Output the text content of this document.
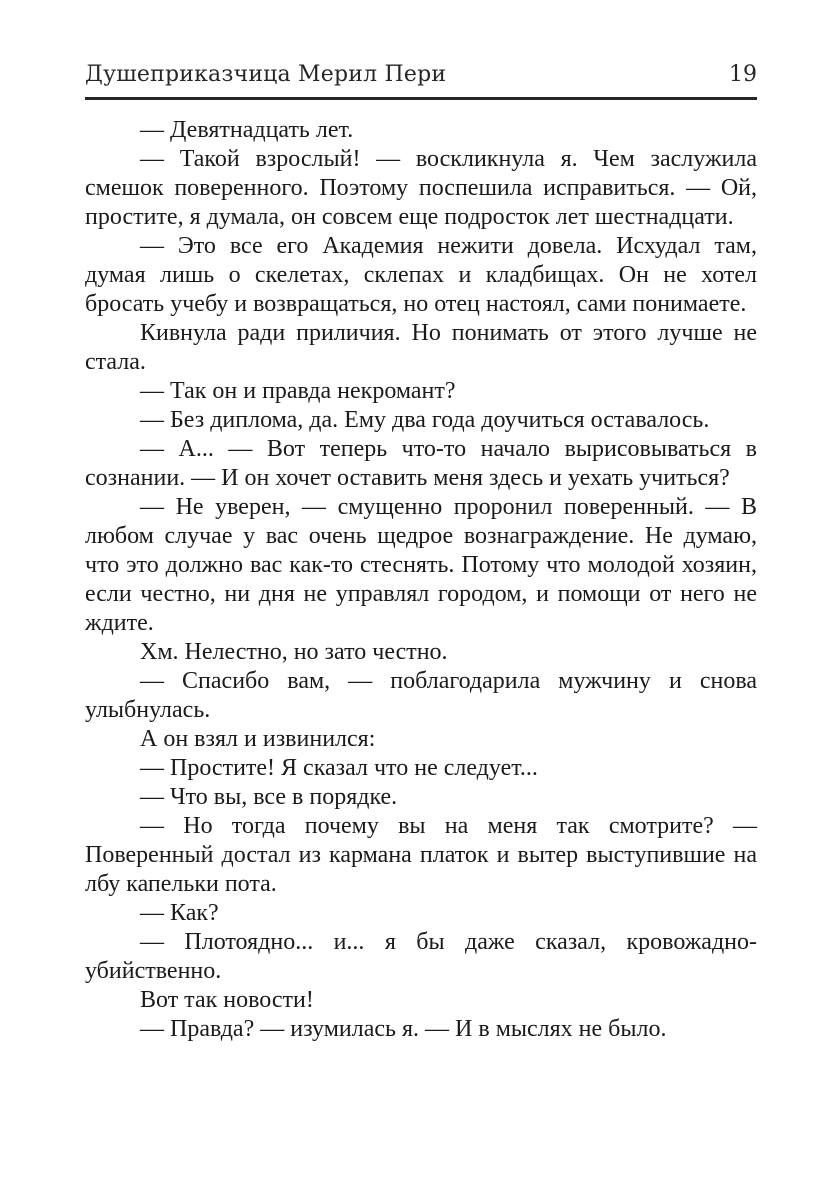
Душеприказчица Мерил Пери	19

— Девятнадцать лет.

— Такой взрослый! — воскликнула я. Чем заслужила смешок поверенного. Поэтому поспешила исправиться. — Ой, простите, я думала, он совсем еще подросток лет шестнадцати.

— Это все его Академия нежити довела. Исхудал там, думая лишь о скелетах, склепах и кладбищах. Он не хотел бросать учебу и возвращаться, но отец настоял, сами понимаете.

Кивнула ради приличия. Но понимать от этого лучше не стала.

— Так он и правда некромант?

— Без диплома, да. Ему два года доучиться оставалось.

— А... — Вот теперь что-то начало вырисовываться в сознании. — И он хочет оставить меня здесь и уехать учиться?

— Не уверен, — смущенно проронил поверенный. — В любом случае у вас очень щедрое вознаграждение. Не думаю, что это должно вас как-то стеснять. Потому что молодой хозяин, если честно, ни дня не управлял городом, и помощи от него не ждите.

Хм. Нелестно, но зато честно.

— Спасибо вам, — поблагодарила мужчину и снова улыбнулась.

А он взял и извинился:

— Простите! Я сказал что не следует...

— Что вы, все в порядке.

— Но тогда почему вы на меня так смотрите? — Поверенный достал из кармана платок и вытер выступившие на лбу капельки пота.

— Как?

— Плотоядно... и... я бы даже сказал, кровожадно-убийственно.

Вот так новости!

— Правда? — изумилась я. — И в мыслях не было.
